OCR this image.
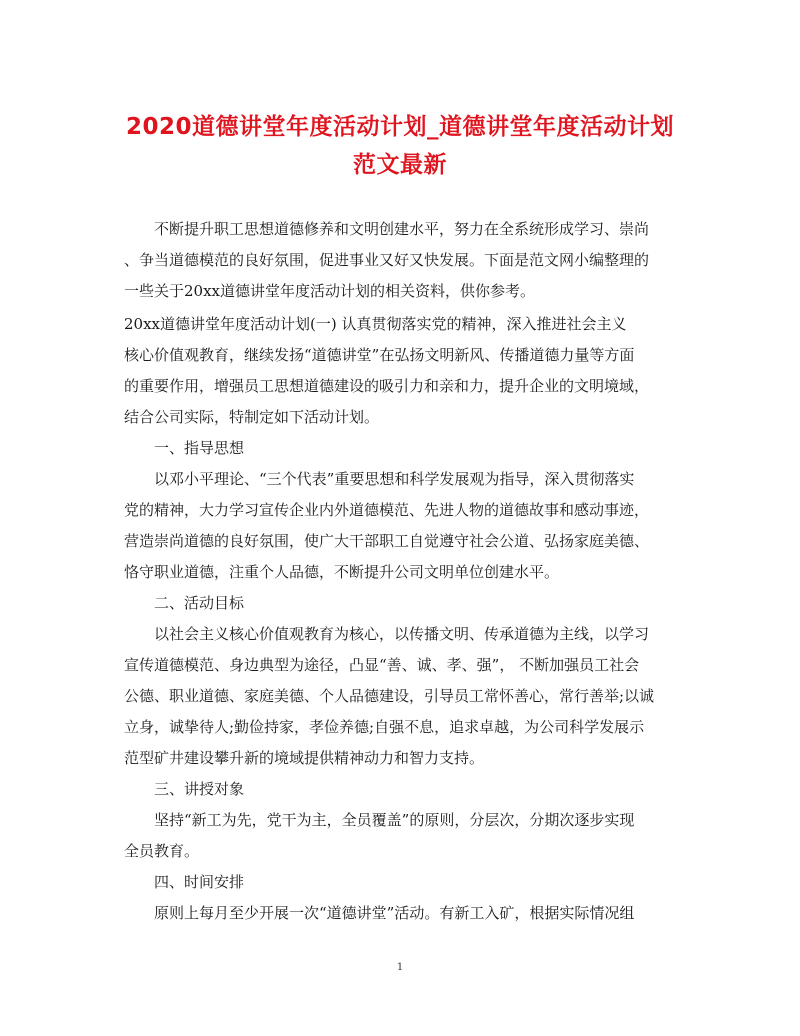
2020道德讲堂年度活动计划_道德讲堂年度活动计划
范文最新
不断提升职工思想道德修养和文明创建水平，努力在全系统形成学习、崇尚
、争当道德模范的良好氛围，促进事业又好又快发展。下面是范文网小编整理的
一些关于20xx道德讲堂年度活动计划的相关资料，供你参考。
20xx道德讲堂年度活动计划(一) 认真贯彻落实党的精神，深入推进社会主义
核心价值观教育，继续发扬“道德讲堂”在弘扬文明新风、传播道德力量等方面
的重要作用，增强员工思想道德建设的吸引力和亲和力，提升企业的文明境域，
结合公司实际，特制定如下活动计划。
一、指导思想
以邓小平理论、“三个代表”重要思想和科学发展观为指导，深入贯彻落实
党的精神，大力学习宣传企业内外道德模范、先进人物的道德故事和感动事迹，
营造崇尚道德的良好氛围，使广大干部职工自觉遵守社会公道、弘扬家庭美德、
恪守职业道德，注重个人品德，不断提升公司文明单位创建水平。
二、活动目标
以社会主义核心价值观教育为核心，以传播文明、传承道德为主线，以学习
宣传道德模范、身边典型为途径，凸显“善、诚、孝、强”， 不断加强员工社会
公德、职业道德、家庭美德、个人品德建设，引导员工常怀善心，常行善举;以诚
立身，诚挚待人;勤俭持家，孝俭养德;自强不息，追求卓越，为公司科学发展示
范型矿井建设攀升新的境域提供精神动力和智力支持。
三、讲授对象
坚持“新工为先，党干为主，全员覆盖”的原则，分层次，分期次逐步实现
全员教育。
四、时间安排
原则上每月至少开展一次“道德讲堂”活动。有新工入矿，根据实际情况组
1
